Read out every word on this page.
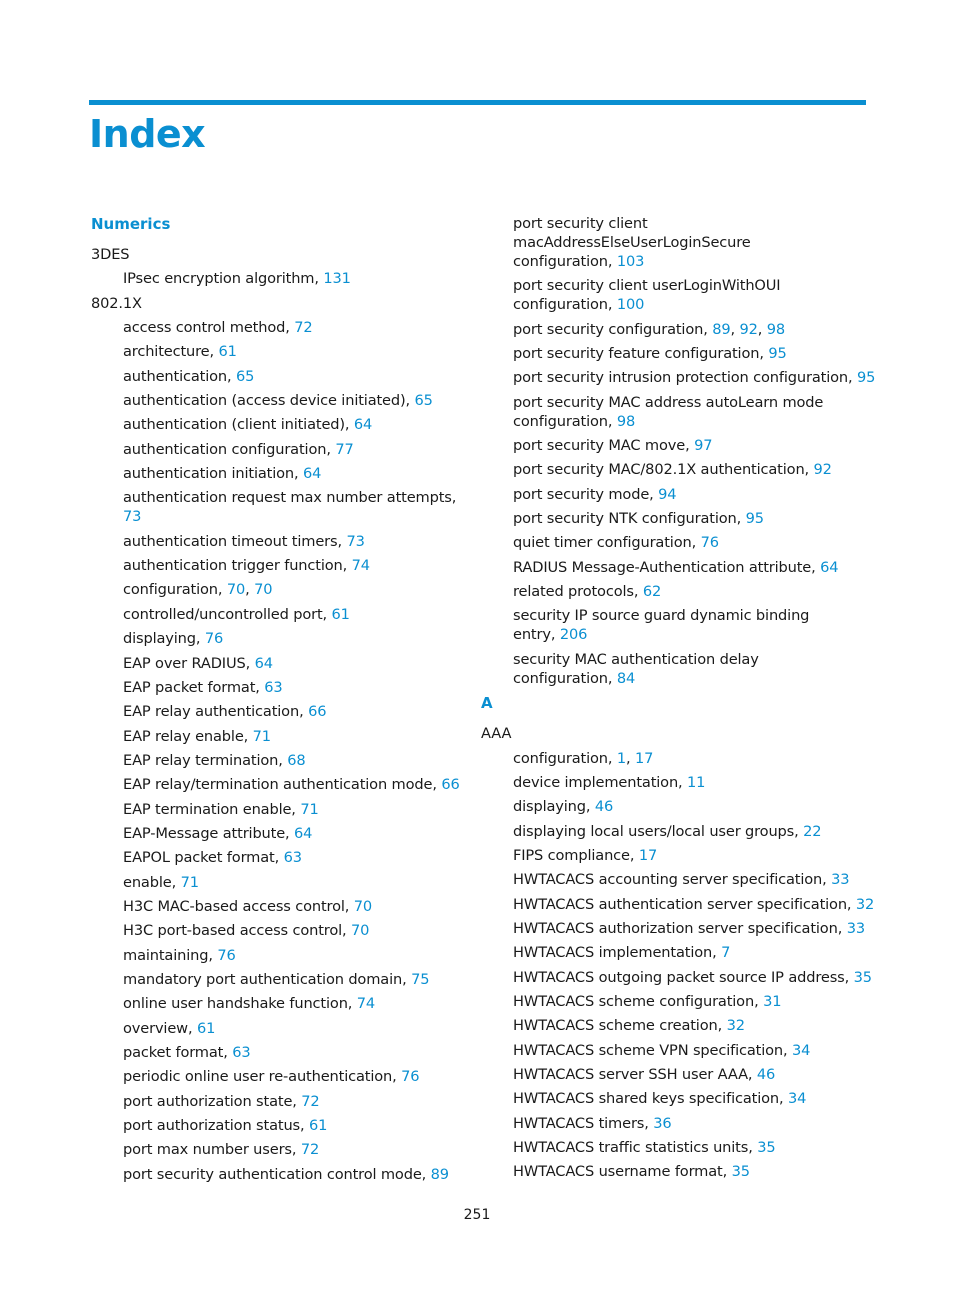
Index
Numerics
3DES
IPsec encryption algorithm, 131
802.1X
access control method, 72
architecture, 61
authentication, 65
authentication (access device initiated), 65
authentication (client initiated), 64
authentication configuration, 77
authentication initiation, 64
authentication request max number attempts, 73
authentication timeout timers, 73
authentication trigger function, 74
configuration, 70, 70
controlled/uncontrolled port, 61
displaying, 76
EAP over RADIUS, 64
EAP packet format, 63
EAP relay authentication, 66
EAP relay enable, 71
EAP relay termination, 68
EAP relay/termination authentication mode, 66
EAP termination enable, 71
EAP-Message attribute, 64
EAPOL packet format, 63
enable, 71
H3C MAC-based access control, 70
H3C port-based access control, 70
maintaining, 76
mandatory port authentication domain, 75
online user handshake function, 74
overview, 61
packet format, 63
periodic online user re-authentication, 76
port authorization state, 72
port authorization status, 61
port max number users, 72
port security authentication control mode, 89
port security client macAddressElseUserLoginSecure
configuration, 103
port security client userLoginWithOUI
configuration, 100
port security configuration, 89, 92, 98
port security feature configuration, 95
port security intrusion protection configuration, 95
port security MAC address autoLearn mode
configuration, 98
port security MAC move, 97
port security MAC/802.1X authentication, 92
port security mode, 94
port security NTK configuration, 95
quiet timer configuration, 76
RADIUS Message-Authentication attribute, 64
related protocols, 62
security IP source guard dynamic binding
entry, 206
security MAC authentication delay
configuration, 84
A
AAA
configuration, 1, 17
device implementation, 11
displaying, 46
displaying local users/local user groups, 22
FIPS compliance, 17
HWTACACS accounting server specification, 33
HWTACACS authentication server specification, 32
HWTACACS authorization server specification, 33
HWTACACS implementation, 7
HWTACACS outgoing packet source IP address, 35
HWTACACS scheme configuration, 31
HWTACACS scheme creation, 32
HWTACACS scheme VPN specification, 34
HWTACACS server SSH user AAA, 46
HWTACACS shared keys specification, 34
HWTACACS timers, 36
HWTACACS traffic statistics units, 35
HWTACACS username format, 35
251
